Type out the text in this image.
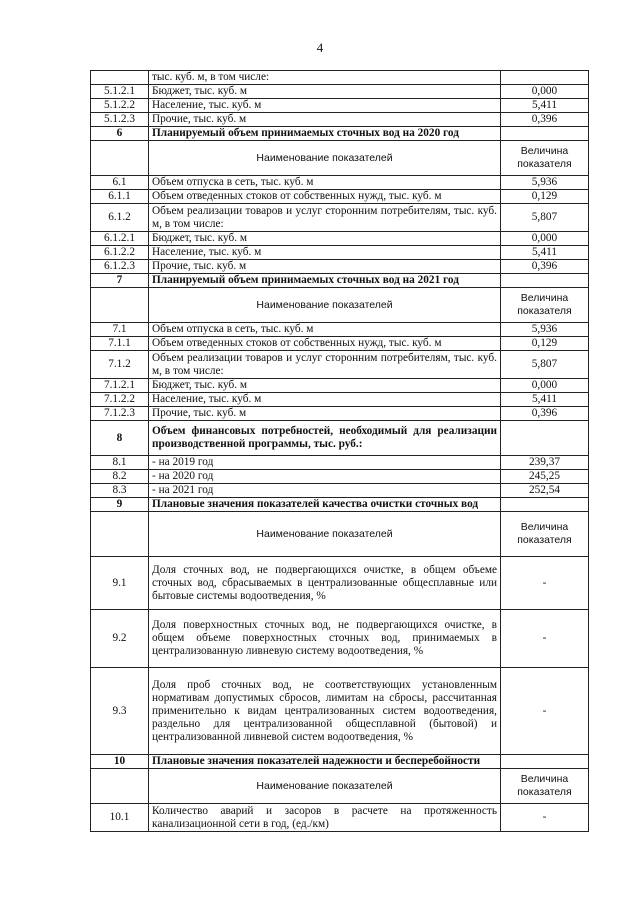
4
	тыс. куб. м, в том числе:	
5.1.2.1	Бюджет, тыс. куб. м	0,000
5.1.2.2	Население, тыс. куб. м	5,411
5.1.2.3	Прочие, тыс. куб. м	0,396
6	Планируемый объем принимаемых сточных вод на 2020 год	
	Наименование показателей	Величина показателя
6.1	Объем отпуска в сеть, тыс. куб. м	5,936
6.1.1	Объем отведенных стоков от собственных нужд, тыс. куб. м	0,129
6.1.2	Объем реализации товаров и услуг сторонним потребителям, тыс. куб. м, в том числе:	5,807
6.1.2.1	Бюджет, тыс. куб. м	0,000
6.1.2.2	Население, тыс. куб. м	5,411
6.1.2.3	Прочие, тыс. куб. м	0,396
7	Планируемый объем принимаемых сточных вод на 2021 год	
	Наименование показателей	Величина показателя
7.1	Объем отпуска в сеть, тыс. куб. м	5,936
7.1.1	Объем отведенных стоков от собственных нужд, тыс. куб. м	0,129
7.1.2	Объем реализации товаров и услуг сторонним потребителям, тыс. куб. м, в том числе:	5,807
7.1.2.1	Бюджет, тыс. куб. м	0,000
7.1.2.2	Население, тыс. куб. м	5,411
7.1.2.3	Прочие, тыс. куб. м	0,396
8	Объем финансовых потребностей, необходимый для реализации производственной программы, тыс. руб.:	
8.1	- на 2019 год	239,37
8.2	- на 2020 год	245,25
8.3	- на 2021 год	252,54
9	Плановые значения показателей качества очистки сточных вод	
	Наименование показателей	Величина показателя
9.1	Доля сточных вод, не подвергающихся очистке, в общем объеме сточных вод, сбрасываемых в централизованные общесплавные или бытовые системы водоотведения, %	-
9.2	Доля поверхностных сточных вод, не подвергающихся очистке, в общем объеме поверхностных сточных вод, принимаемых в централизованную ливневую систему водоотведения, %	-
9.3	Доля проб сточных вод, не соответствующих установленным нормативам допустимых сбросов, лимитам на сбросы, рассчитанная применительно к видам централизованных систем водоотведения, раздельно для централизованной общесплавной (бытовой) и централизованной ливневой систем водоотведения, %	-
10	Плановые значения показателей надежности и бесперебойности	
	Наименование показателей	Величина показателя
10.1	Количество аварий и засоров в расчете на протяженность канализационной сети в год, (ед./км)	-
